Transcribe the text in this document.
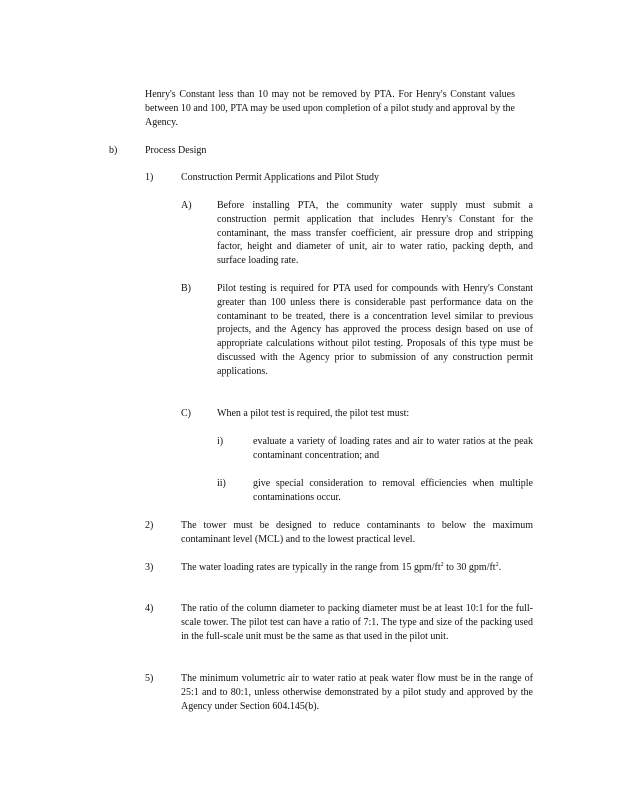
Henry's Constant less than 10 may not be removed by PTA. For Henry's Constant values between 10 and 100, PTA may be used upon completion of a pilot study and approval by the Agency.
b)	Process Design
1)	Construction Permit Applications and Pilot Study
A)	Before installing PTA, the community water supply must submit a construction permit application that includes Henry's Constant for the contaminant, the mass transfer coefficient, air pressure drop and stripping factor, height and diameter of unit, air to water ratio, packing depth, and surface loading rate.
B)	Pilot testing is required for PTA used for compounds with Henry's Constant greater than 100 unless there is considerable past performance data on the contaminant to be treated, there is a concentration level similar to previous projects, and the Agency has approved the process design based on use of appropriate calculations without pilot testing. Proposals of this type must be discussed with the Agency prior to submission of any construction permit applications.
C)	When a pilot test is required, the pilot test must:
i)	evaluate a variety of loading rates and air to water ratios at the peak contaminant concentration; and
ii)	give special consideration to removal efficiencies when multiple contaminations occur.
2)	The tower must be designed to reduce contaminants to below the maximum contaminant level (MCL) and to the lowest practical level.
3)	The water loading rates are typically in the range from 15 gpm/$ft^2$ to 30 gpm/$ft^2$.
4)	The ratio of the column diameter to packing diameter must be at least 10:1 for the full-scale tower. The pilot test can have a ratio of 7:1. The type and size of the packing used in the full-scale unit must be the same as that used in the pilot unit.
5)	The minimum volumetric air to water ratio at peak water flow must be in the range of 25:1 and to 80:1, unless otherwise demonstrated by a pilot study and approved by the Agency under Section 604.145(b).
